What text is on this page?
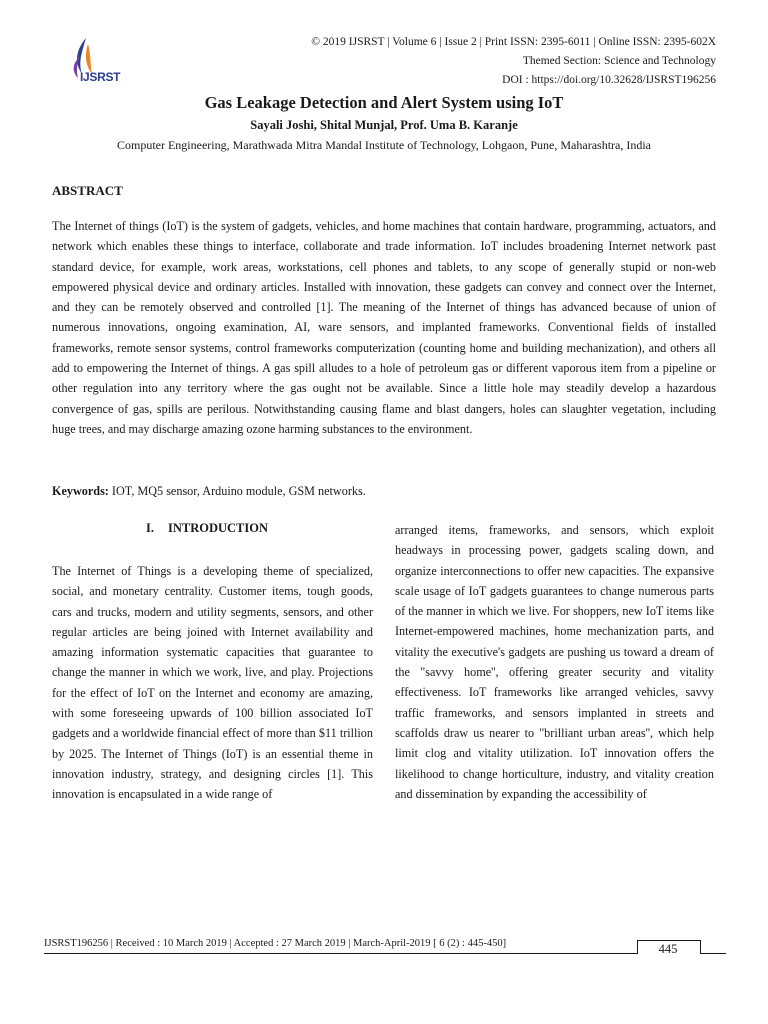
IJSRST
© 2019 IJSRST | Volume 6 | Issue 2 | Print ISSN: 2395-6011 | Online ISSN: 2395-602X
Themed Section: Science and Technology
DOI : https://doi.org/10.32628/IJSRST196256
Gas Leakage Detection and Alert System using IoT
Sayali Joshi, Shital Munjal, Prof. Uma B. Karanje
Computer Engineering, Marathwada Mitra Mandal Institute of Technology, Lohgaon, Pune, Maharashtra, India
ABSTRACT

The Internet of things (IoT) is the system of gadgets, vehicles, and home machines that contain hardware, programming, actuators, and network which enables these things to interface, collaborate and trade information. IoT includes broadening Internet network past standard device, for example, work areas, workstations, cell phones and tablets, to any scope of generally stupid or non-web empowered physical device and ordinary articles. Installed with innovation, these gadgets can convey and connect over the Internet, and they can be remotely observed and controlled [1]. The meaning of the Internet of things has advanced because of union of numerous innovations, ongoing examination, AI, ware sensors, and implanted frameworks. Conventional fields of installed frameworks, remote sensor systems, control frameworks computerization (counting home and building mechanization), and others all add to empowering the Internet of things. A gas spill alludes to a hole of petroleum gas or different vaporous item from a pipeline or other regulation into any territory where the gas ought not be available. Since a little hole may steadily develop a hazardous convergence of gas, spills are perilous. Notwithstanding causing flame and blast dangers, holes can slaughter vegetation, including huge trees, and may discharge amazing ozone harming substances to the environment.

Keywords: IOT, MQ5 sensor, Arduino module, GSM networks.
I. INTRODUCTION

The Internet of Things is a developing theme of specialized, social, and monetary centrality. Customer items, tough goods, cars and trucks, modern and utility segments, sensors, and other regular articles are being joined with Internet availability and amazing information systematic capacities that guarantee to change the manner in which we work, live, and play. Projections for the effect of IoT on the Internet and economy are amazing, with some foreseeing upwards of 100 billion associated IoT gadgets and a worldwide financial effect of more than $11 trillion by 2025. The Internet of Things (IoT) is an essential theme in innovation industry, strategy, and designing circles [1]. This innovation is encapsulated in a wide range of

arranged items, frameworks, and sensors, which exploit headways in processing power, gadgets scaling down, and organize interconnections to offer new capacities. The expansive scale usage of IoT gadgets guarantees to change numerous parts of the manner in which we live. For shoppers, new IoT items like Internet-empowered machines, home mechanization parts, and vitality the executive's gadgets are pushing us toward a dream of the "savvy home'', offering greater security and vitality effectiveness. IoT frameworks like arranged vehicles, savvy traffic frameworks, and sensors implanted in streets and scaffolds draw us nearer to "brilliant urban areas'', which help limit clog and vitality utilization. IoT innovation offers the likelihood to change horticulture, industry, and vitality creation and dissemination by expanding the accessibility of

IJSRST196256 | Received : 10 March 2019 | Accepted : 27 March 2019 | March-April-2019 [ 6 (2) : 445-450]	445
